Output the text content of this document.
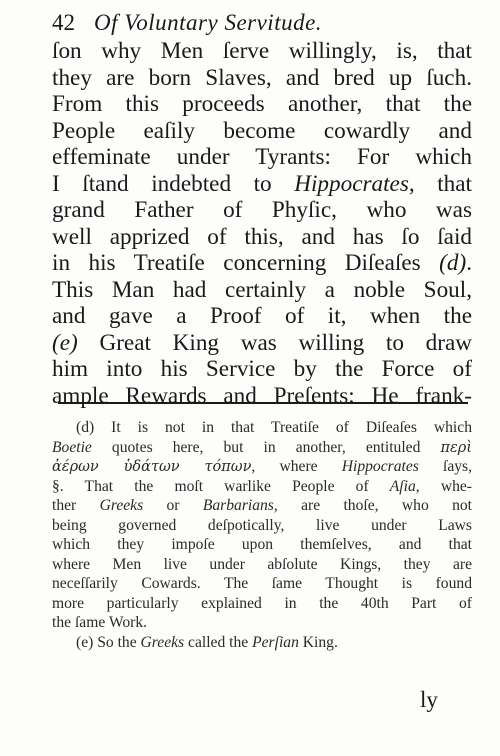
42 Of Voluntary Servitude.
ſon why Men ſerve willingly, is, that
they are born Slaves, and bred up ſuch.
From this proceeds another, that the
People eaſily become cowardly and
effeminate under Tyrants: For which
I ſtand indebted to Hippocrates, that
grand Father of Phyſic, who was
well apprized of this, and has ſo ſaid
in his Treatiſe concerning Diſeaſes (d).
This Man had certainly a noble Soul,
and gave a Proof of it, when the
(e) Great King was willing to draw
him into his Service by the Force of
ample Rewards and Preſents: He frank-
(d) It is not in that Treatiſe of Diſeaſes which
Boetie quotes here, but in another, entituled περὶ
ἀέρων ὑδάτων τόπων, where Hippocrates ſays,
§. That the moſt warlike People of Aſia, whe-
ther Greeks or Barbarians, are thoſe, who not
being governed deſpotically, live under Laws
which they impoſe upon themſelves, and that
where Men live under abſolute Kings, they are
neceſſarily Cowards. The ſame Thought is found
more particularly explained in the 40th Part of
the ſame Work.
(e) So the Greeks called the Perſian King.
ly
